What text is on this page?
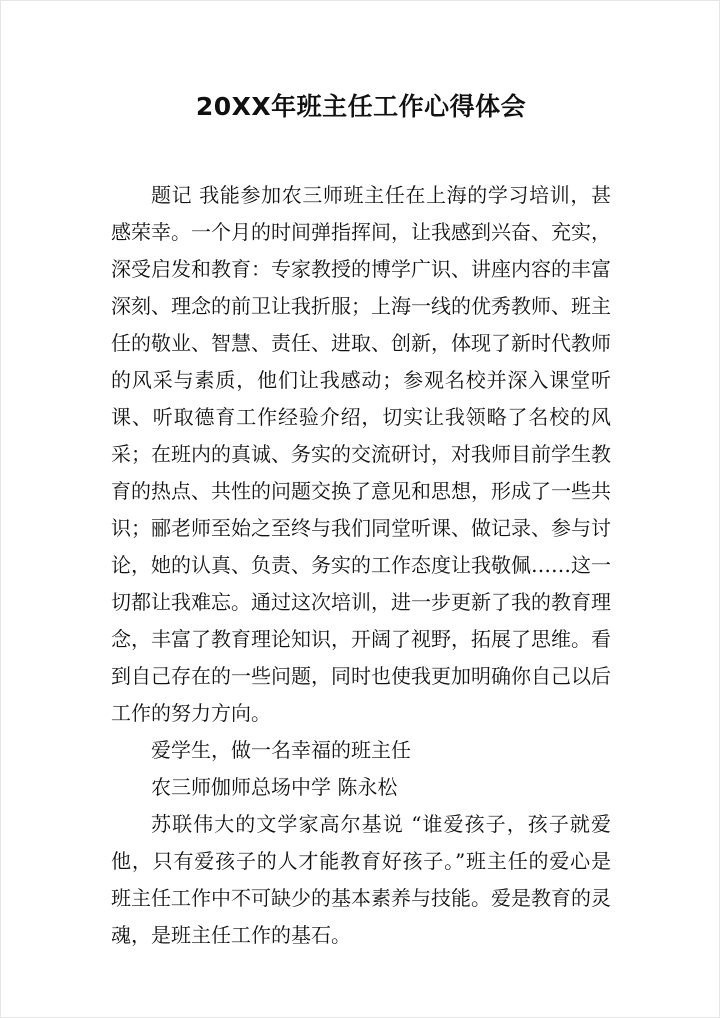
20XX年班主任工作心得体会

题记 我能参加农三师班主任在上海的学习培训，甚感荣幸。一个月的时间弹指挥间，让我感到兴奋、充实，深受启发和教育：专家教授的博学广识、讲座内容的丰富深刻、理念的前卫让我折服；上海一线的优秀教师、班主任的敬业、智慧、责任、进取、创新，体现了新时代教师的风采与素质，他们让我感动；参观名校并深入课堂听课、听取德育工作经验介绍，切实让我领略了名校的风采；在班内的真诚、务实的交流研讨，对我师目前学生教育的热点、共性的问题交换了意见和思想，形成了一些共识；郦老师至始之至终与我们同堂听课、做记录、参与讨论，她的认真、负责、务实的工作态度让我敬佩……这一切都让我难忘。通过这次培训，进一步更新了我的教育理念，丰富了教育理论知识，开阔了视野，拓展了思维。看到自己存在的一些问题，同时也使我更加明确你自己以后工作的努力方向。

爱学生，做一名幸福的班主任

农三师伽师总场中学 陈永松

苏联伟大的文学家高尔基说 “谁爱孩子，孩子就爱他，只有爱孩子的人才能教育好孩子。”班主任的爱心是班主任工作中不可缺少的基本素养与技能。爱是教育的灵魂，是班主任工作的基石。
